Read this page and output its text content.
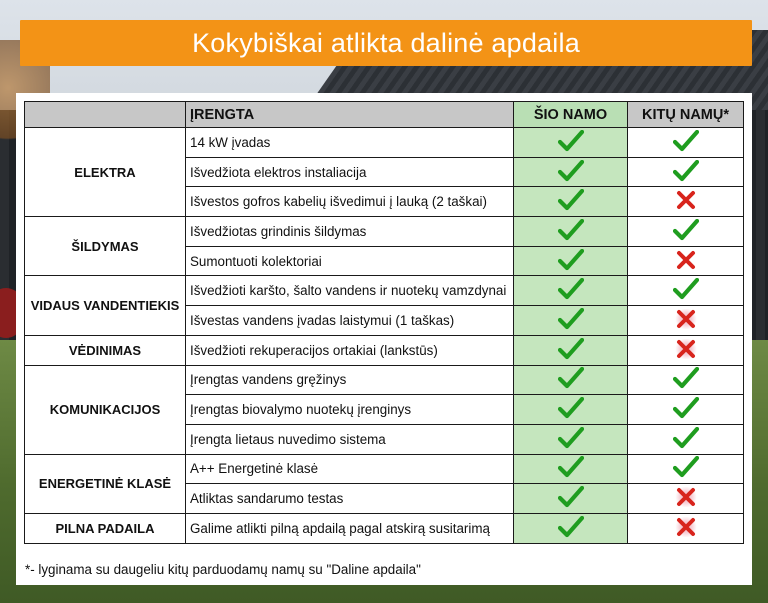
Kokybiškai atlikta dalinė apdaila
	ĮRENGTA	ŠIO NAMO	KITŲ NAMŲ*
ELEKTRA	14 kW įvadas		
	Išvedžiota elektros instaliacija		
	Išvestos gofros kabelių išvedimui į lauką (2 taškai)		
ŠILDYMAS	Išvedžiotas grindinis šildymas		
	Sumontuoti kolektoriai		
VIDAUS VANDENTIEKIS	Išvedžioti karšto, šalto vandens ir nuotekų vamzdynai		
	Išvestas vandens įvadas laistymui (1 taškas)		
VĖDINIMAS	Išvedžioti rekuperacijos ortakiai (lankstūs)		
KOMUNIKACIJOS	Įrengtas vandens gręžinys		
	Įrengtas biovalymo nuotekų įrenginys		
	Įrengta lietaus nuvedimo sistema		
ENERGETINĖ KLASĖ	A++ Energetinė klasė		
	Atliktas sandarumo testas		
PILNA PADAILA	Galime atlikti pilną apdailą pagal atskirą susitarimą		
*- lyginama su daugeliu kitų parduodamų namų su "Daline apdaila"
